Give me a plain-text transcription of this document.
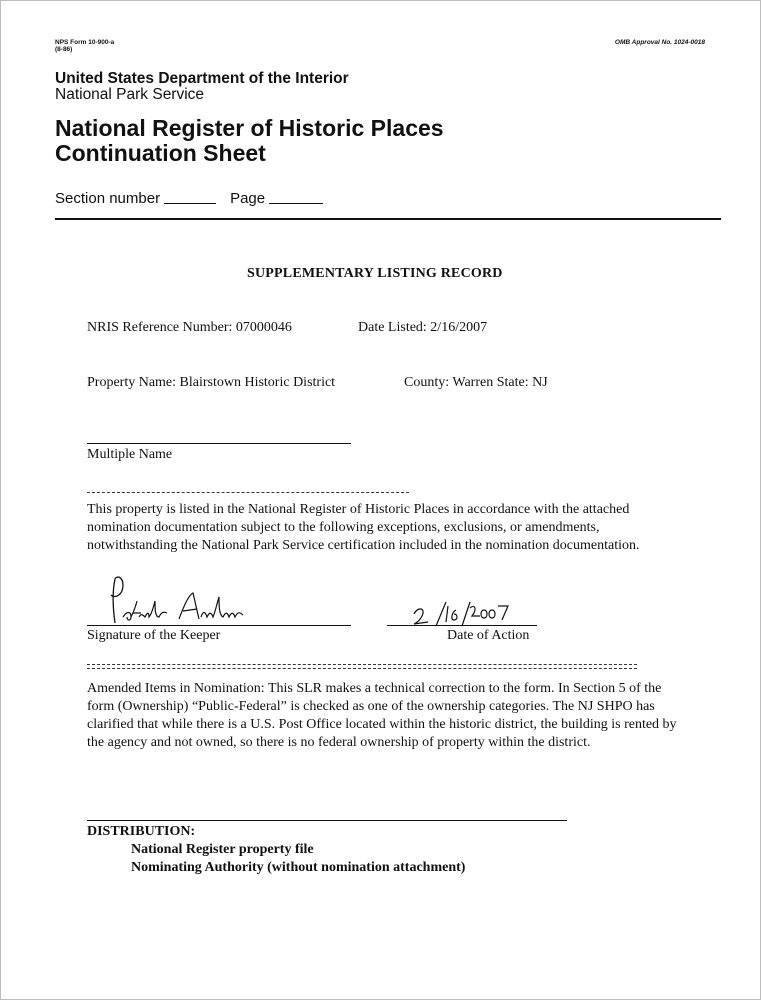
NPS Form 10-900-a
(8-86)
OMB Approval No. 1024-0018
United States Department of the Interior
National Park Service
National Register of Historic Places
Continuation Sheet
Section number	Page
SUPPLEMENTARY LISTING RECORD
NRIS Reference Number: 07000046	Date Listed: 2/16/2007
Property Name: Blairstown Historic District	County: Warren State: NJ
Multiple Name
This property is listed in the National Register of Historic Places in accordance with the attached nomination documentation subject to the following exceptions, exclusions, or amendments, notwithstanding the National Park Service certification included in the nomination documentation.
Signature of the Keeper	Date of Action
Amended Items in Nomination: This SLR makes a technical correction to the form. In Section 5 of the form (Ownership) “Public-Federal” is checked as one of the ownership categories. The NJ SHPO has clarified that while there is a U.S. Post Office located within the historic district, the building is rented by the agency and not owned, so there is no federal ownership of property within the district.
DISTRIBUTION:
National Register property file
Nominating Authority (without nomination attachment)
